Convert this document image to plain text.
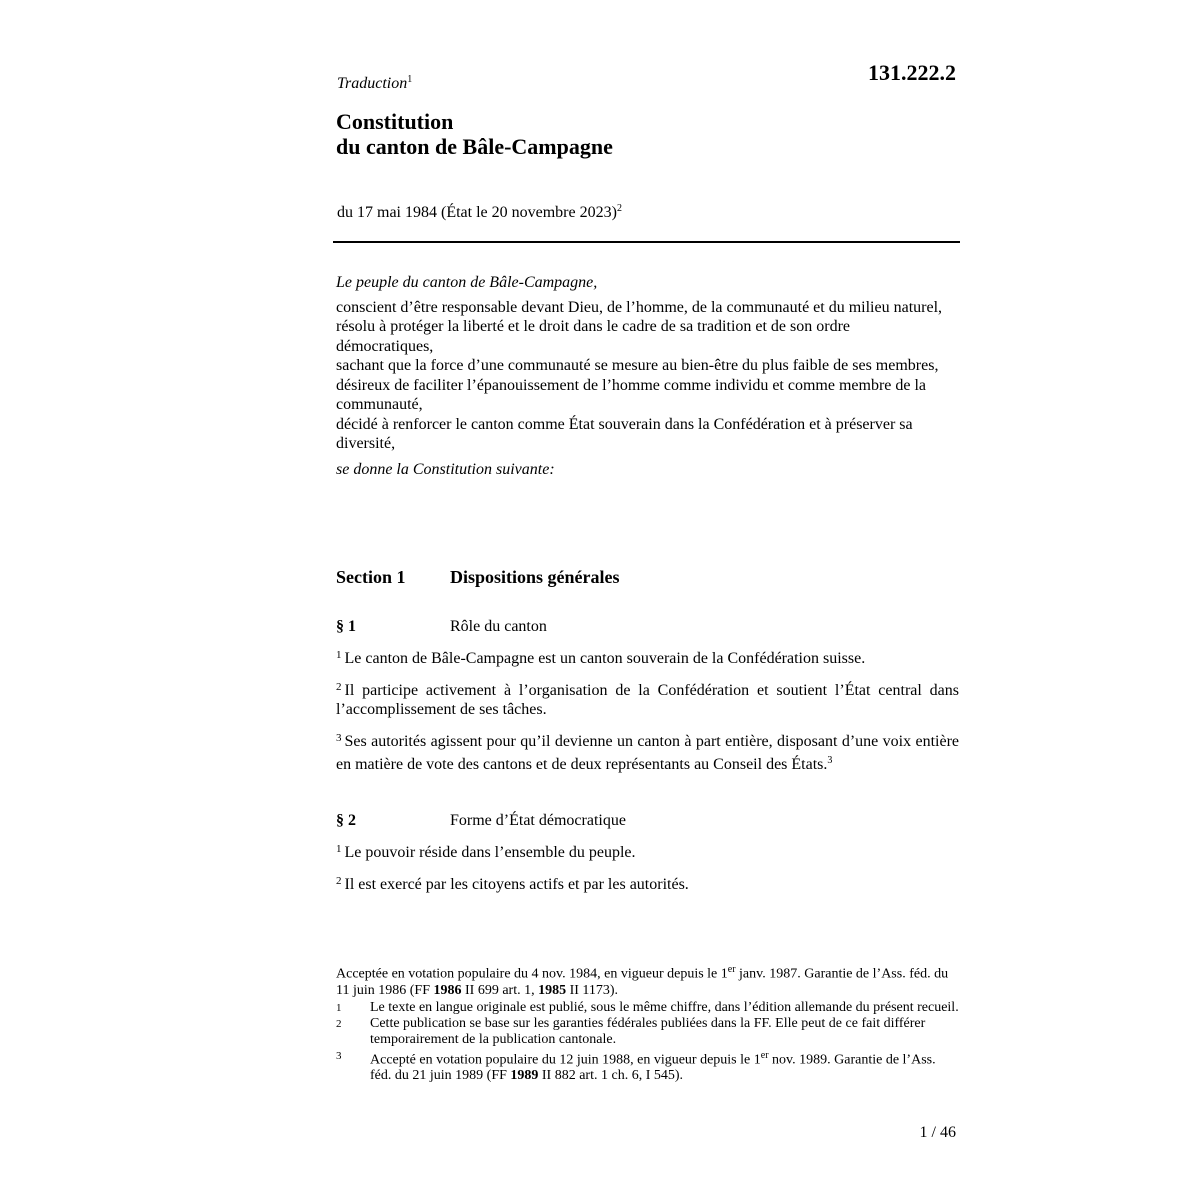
131.222.2
Traduction$^1$
Constitution
du canton de Bâle-Campagne
du 17 mai 1984 (État le 20 novembre 2023)$^2$
Le peuple du canton de Bâle-Campagne,
conscient d’être responsable devant Dieu, de l’homme, de la communauté et du milieu naturel,
résolu à protéger la liberté et le droit dans le cadre de sa tradition et de son ordre démocratiques,
sachant que la force d’une communauté se mesure au bien-être du plus faible de ses membres,
désireux de faciliter l’épanouissement de l’homme comme individu et comme membre de la communauté,
décidé à renforcer le canton comme État souverain dans la Confédération et à préserver sa diversité,
se donne la Constitution suivante:
Section 1 Dispositions générales
§ 1	Rôle du canton

$^1$ Le canton de Bâle-Campagne est un canton souverain de la Confédération suisse.

$^2$ Il participe activement à l’organisation de la Confédération et soutient l’État central dans l’accomplissement de ses tâches.

$^3$ Ses autorités agissent pour qu’il devienne un canton à part entière, disposant d’une voix entière en matière de vote des cantons et de deux représentants au Conseil des États.$^3$

§ 2	Forme d’État démocratique

$^1$ Le pouvoir réside dans l’ensemble du peuple.

$^2$ Il est exercé par les citoyens actifs et par les autorités.

Acceptée en votation populaire du 4 nov. 1984, en vigueur depuis le 1er janv. 1987. Garantie de l’Ass. féd. du 11 juin 1986 (FF 1986 II 699 art. 1, 1985 II 1173).
1	Le texte en langue originale est publié, sous le même chiffre, dans l’édition allemande du présent recueil.
2	Cette publication se base sur les garanties fédérales publiées dans la FF. Elle peut de ce fait différer temporairement de la publication cantonale.
3	Accepté en votation populaire du 12 juin 1988, en vigueur depuis le 1er nov. 1989. Garantie de l’Ass. féd. du 21 juin 1989 (FF 1989 II 882 art. 1 ch. 6, I 545).
1 / 46
